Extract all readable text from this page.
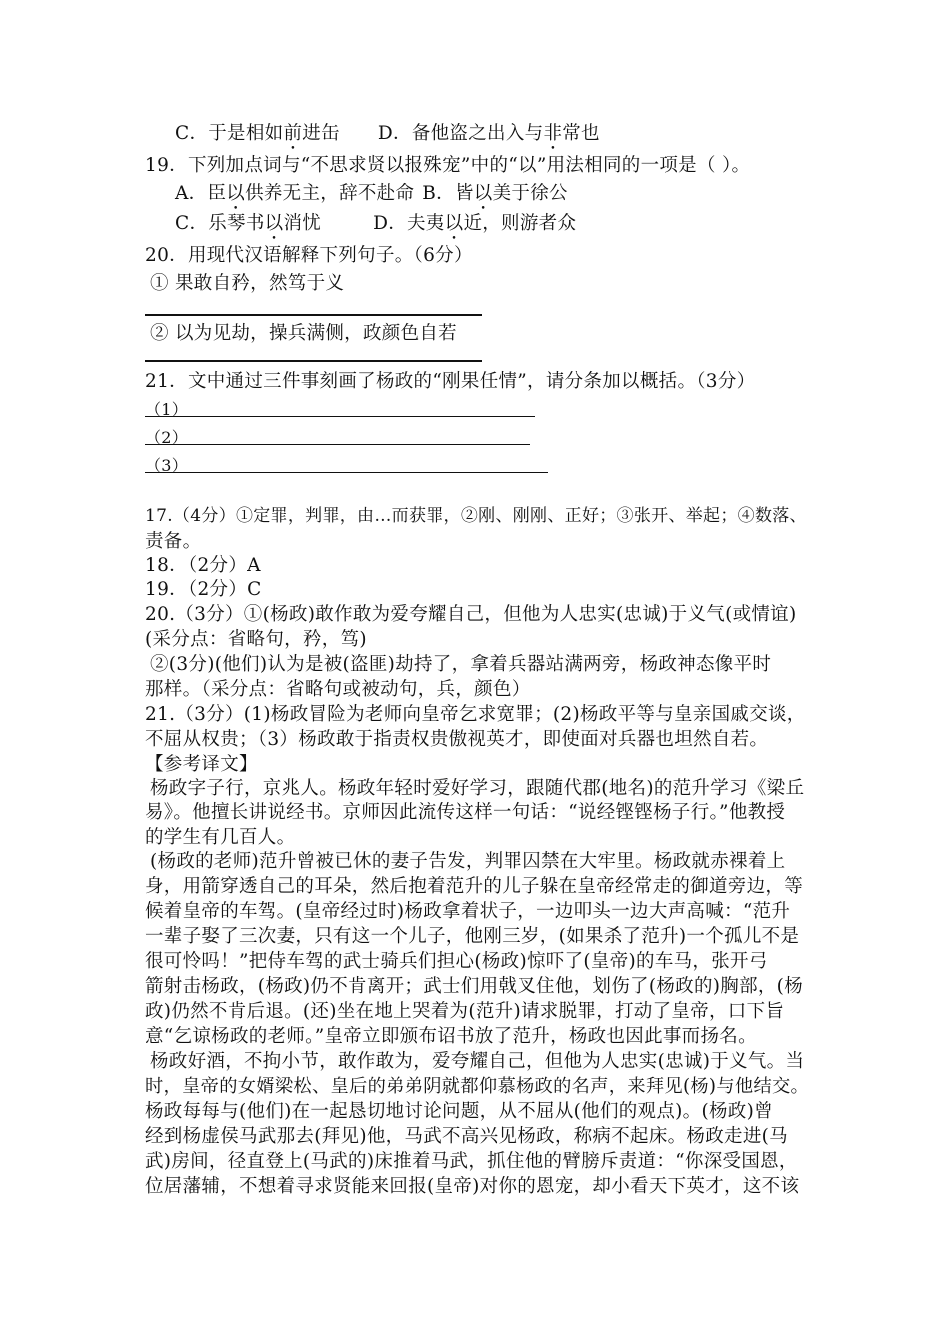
C．于是相如前进缶 D．备他盗之出入与非常也
19．下列加点词与“不思求贤以报殊宠”中的“以”用法相同的一项是（ ）。
A．臣以供养无主，辞不赴命 B．皆以美于徐公
C．乐琴书以消忧	D．夫夷以近，则游者众
20．用现代汉语解释下列句子。（6分）
① 果敢自矜，然笃于义
② 以为见劫，操兵满侧，政颜色自若
21．文中通过三件事刻画了杨政的“刚果任情”，请分条加以概括。（3分）
（1）
（2）
（3）
17.（4分）①定罪，判罪，由…而获罪，②刚、刚刚、正好；③张开、举起；④数落、
责备。
18．（2分）A
19．（2分）C
20.（3分）①(杨政)敢作敢为爱夸耀自己，但他为人忠实(忠诚)于义气(或情谊)
(采分点：省略句，矜，笃)
②(3分)(他们)认为是被(盗匪)劫持了，拿着兵器站满两旁，杨政神态像平时
那样。（采分点：省略句或被动句，兵，颜色）
21.（3分）(1)杨政冒险为老师向皇帝乞求宽罪；(2)杨政平等与皇亲国戚交谈，
不屈从权贵；（3）杨政敢于指责权贵傲视英才，即使面对兵器也坦然自若。
【参考译文】
杨政字子行，京兆人。杨政年轻时爱好学习，跟随代郡(地名)的范升学习《梁丘
易》。他擅长讲说经书。京师因此流传这样一句话：“说经铿铿杨子行。”他教授
的学生有几百人。
(杨政的老师)范升曾被已休的妻子告发，判罪囚禁在大牢里。杨政就赤裸着上
身，用箭穿透自己的耳朵，然后抱着范升的儿子躲在皇帝经常走的御道旁边，等
候着皇帝的车驾。(皇帝经过时)杨政拿着状子，一边叩头一边大声高喊：“范升
一辈子娶了三次妻，只有这一个儿子，他刚三岁，(如果杀了范升)一个孤儿不是
很可怜吗！”把侍车驾的武士骑兵们担心(杨政)惊吓了(皇帝)的车马，张开弓
箭射击杨政，(杨政)仍不肯离开；武士们用戟叉住他，划伤了(杨政的)胸部，(杨
政)仍然不肯后退。(还)坐在地上哭着为(范升)请求脱罪，打动了皇帝，口下旨
意“乞谅杨政的老师。”皇帝立即颁布诏书放了范升，杨政也因此事而扬名。
杨政好酒，不拘小节，敢作敢为，爱夸耀自己，但他为人忠实(忠诚)于义气。当
时，皇帝的女婿梁松、皇后的弟弟阴就都仰慕杨政的名声，来拜见(杨)与他结交。
杨政每每与(他们)在一起恳切地讨论问题，从不屈从(他们的观点)。(杨政)曾
经到杨虚侯马武那去(拜见)他，马武不高兴见杨政，称病不起床。杨政走进(马
武)房间，径直登上(马武的)床推着马武，抓住他的臂膀斥责道：“你深受国恩，
位居藩辅，不想着寻求贤能来回报(皇帝)对你的恩宠，却小看天下英才，这不该
